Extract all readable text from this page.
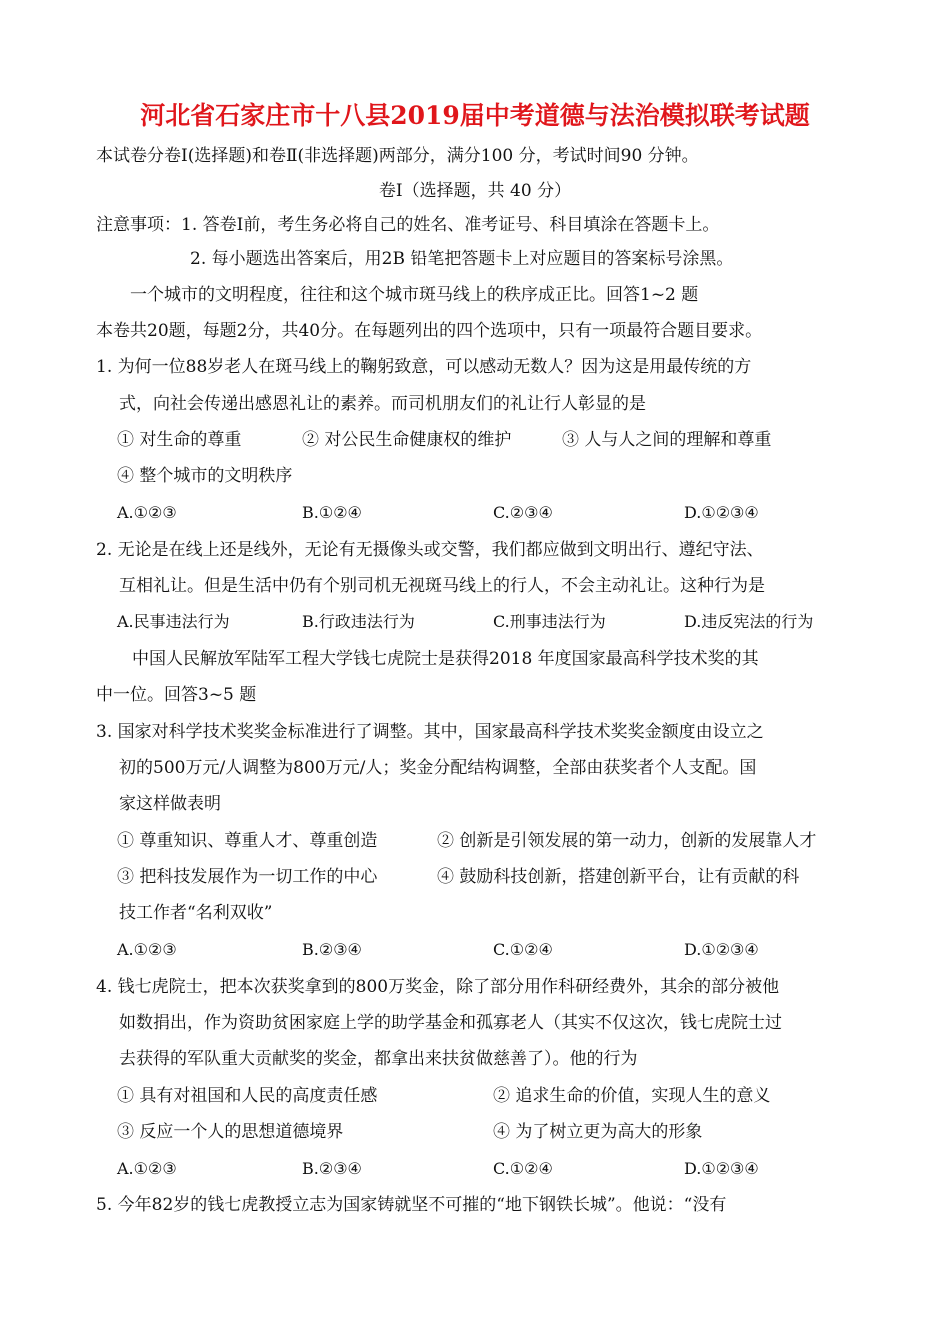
河北省石家庄市十八县2019届中考道德与法治模拟联考试题
本试卷分卷Ⅰ(选择题)和卷Ⅱ(非选择题)两部分，满分100 分，考试时间90 分钟。
卷Ⅰ（选择题，共 40 分）
注意事项：1. 答卷Ⅰ前，考生务必将自己的姓名、准考证号、科目填涂在答题卡上。
2. 每小题选出答案后，用2B 铅笔把答题卡上对应题目的答案标号涂黑。
一个城市的文明程度，往往和这个城市斑马线上的秩序成正比。回答1~2 题
本卷共20题，每题2分，共40分。在每题列出的四个选项中，只有一项最符合题目要求。
1. 为何一位88岁老人在斑马线上的鞠躬致意，可以感动无数人？因为这是用最传统的方
式，向社会传递出感恩礼让的素养。而司机朋友们的礼让行人彰显的是
① 对生命的尊重	② 对公民生命健康权的维护	③ 人与人之间的理解和尊重
④ 整个城市的文明秩序
A.①②③	B.①②④	C.②③④	D.①②③④
2. 无论是在线上还是线外，无论有无摄像头或交警，我们都应做到文明出行、遵纪守法、
互相礼让。但是生活中仍有个别司机无视斑马线上的行人，不会主动礼让。这种行为是
A.民事违法行为	B.行政违法行为	C.刑事违法行为	D.违反宪法的行为
中国人民解放军陆军工程大学钱七虎院士是获得2018 年度国家最高科学技术奖的其
中一位。回答3~5 题
3. 国家对科学技术奖奖金标准进行了调整。其中，国家最高科学技术奖奖金额度由设立之
初的500万元/人调整为800万元/人；奖金分配结构调整，全部由获奖者个人支配。国
家这样做表明
① 尊重知识、尊重人才、尊重创造	② 创新是引领发展的第一动力，创新的发展靠人才
③ 把科技发展作为一切工作的中心	④ 鼓励科技创新，搭建创新平台，让有贡献的科
技工作者“名利双收”
A.①②③	B.②③④	C.①②④	D.①②③④
4. 钱七虎院士，把本次获奖拿到的800万奖金，除了部分用作科研经费外，其余的部分被他
如数捐出，作为资助贫困家庭上学的助学基金和孤寡老人（其实不仅这次，钱七虎院士过
去获得的军队重大贡献奖的奖金，都拿出来扶贫做慈善了）。他的行为
① 具有对祖国和人民的高度责任感	② 追求生命的价值，实现人生的意义
③ 反应一个人的思想道德境界	④ 为了树立更为高大的形象
A.①②③	B.②③④	C.①②④	D.①②③④
5. 今年82岁的钱七虎教授立志为国家铸就坚不可摧的“地下钢铁长城”。他说：“没有
